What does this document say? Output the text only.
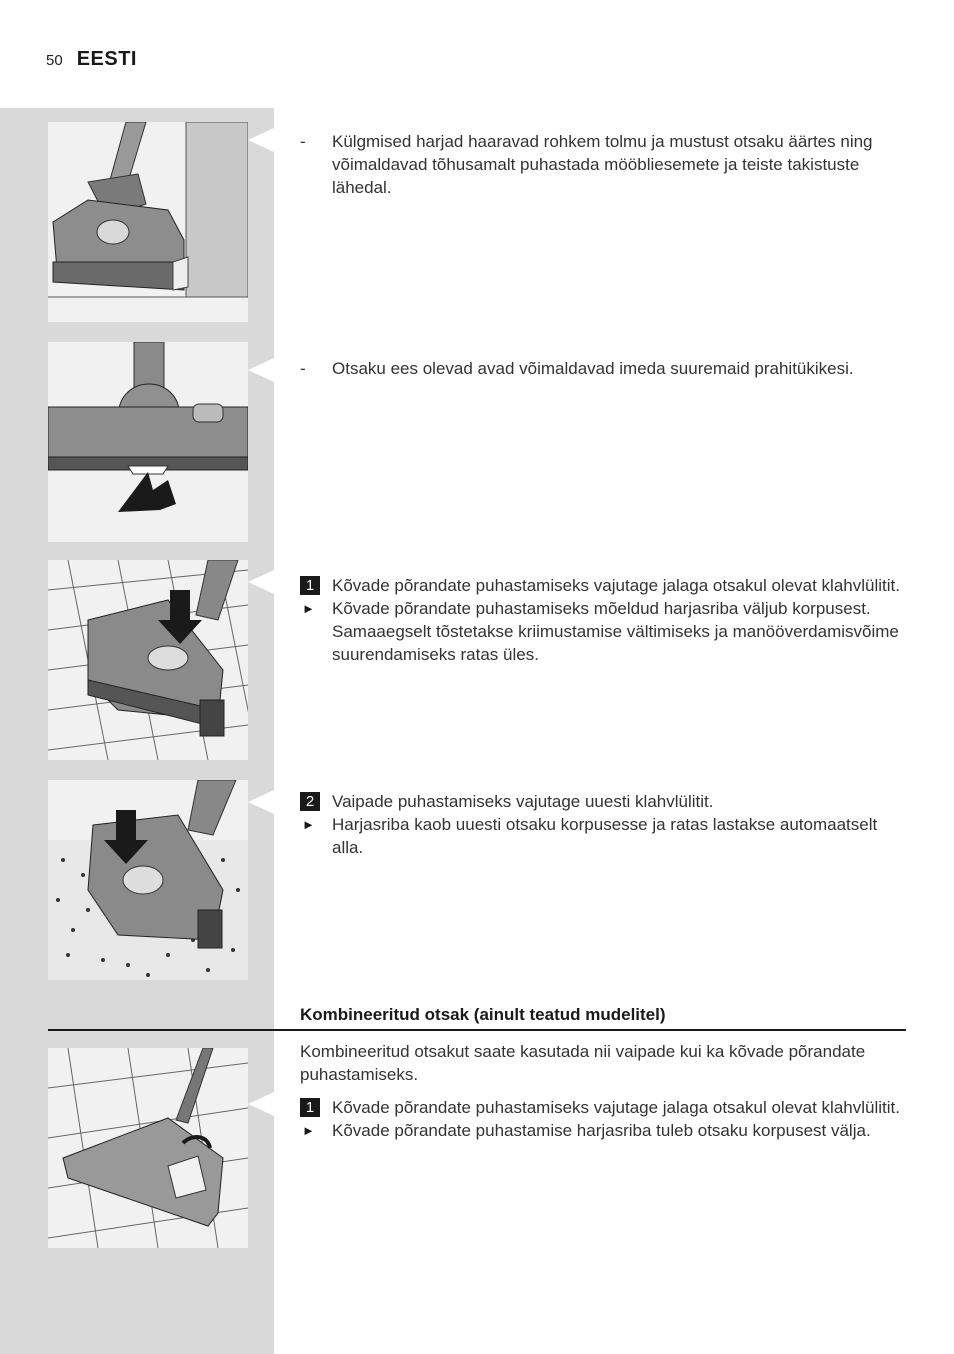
50 EESTI

-	Külgmised harjad haaravad rohkem tolmu ja mustust otsaku äärtes ning võimaldavad tõhusamalt puhastada mööbliesemete ja teiste takistuste lähedal.

-	Otsaku ees olevad avad võimaldavad imeda suuremaid prahitükikesi.

1	Kõvade põrandate puhastamiseks vajutage jalaga otsakul olevat klahvlülitit.

► Kõvade põrandate puhastamiseks mõeldud harjasriba väljub korpusest. Samaaegselt tõstetakse kriimustamise vältimiseks ja manööverdamisvõime suurendamiseks ratas üles.

2	Vaipade puhastamiseks vajutage uuesti klahvlülitit.

► Harjasriba kaob uuesti otsaku korpusesse ja ratas lastakse automaatselt alla.

Kombineeritud otsak (ainult teatud mudelitel)

Kombineeritud otsakut saate kasutada nii vaipade kui ka kõvade põrandate puhastamiseks.

1	Kõvade põrandate puhastamiseks vajutage jalaga otsakul olevat klahvlülitit.

► Kõvade põrandate puhastamise harjasriba tuleb otsaku korpusest välja.
